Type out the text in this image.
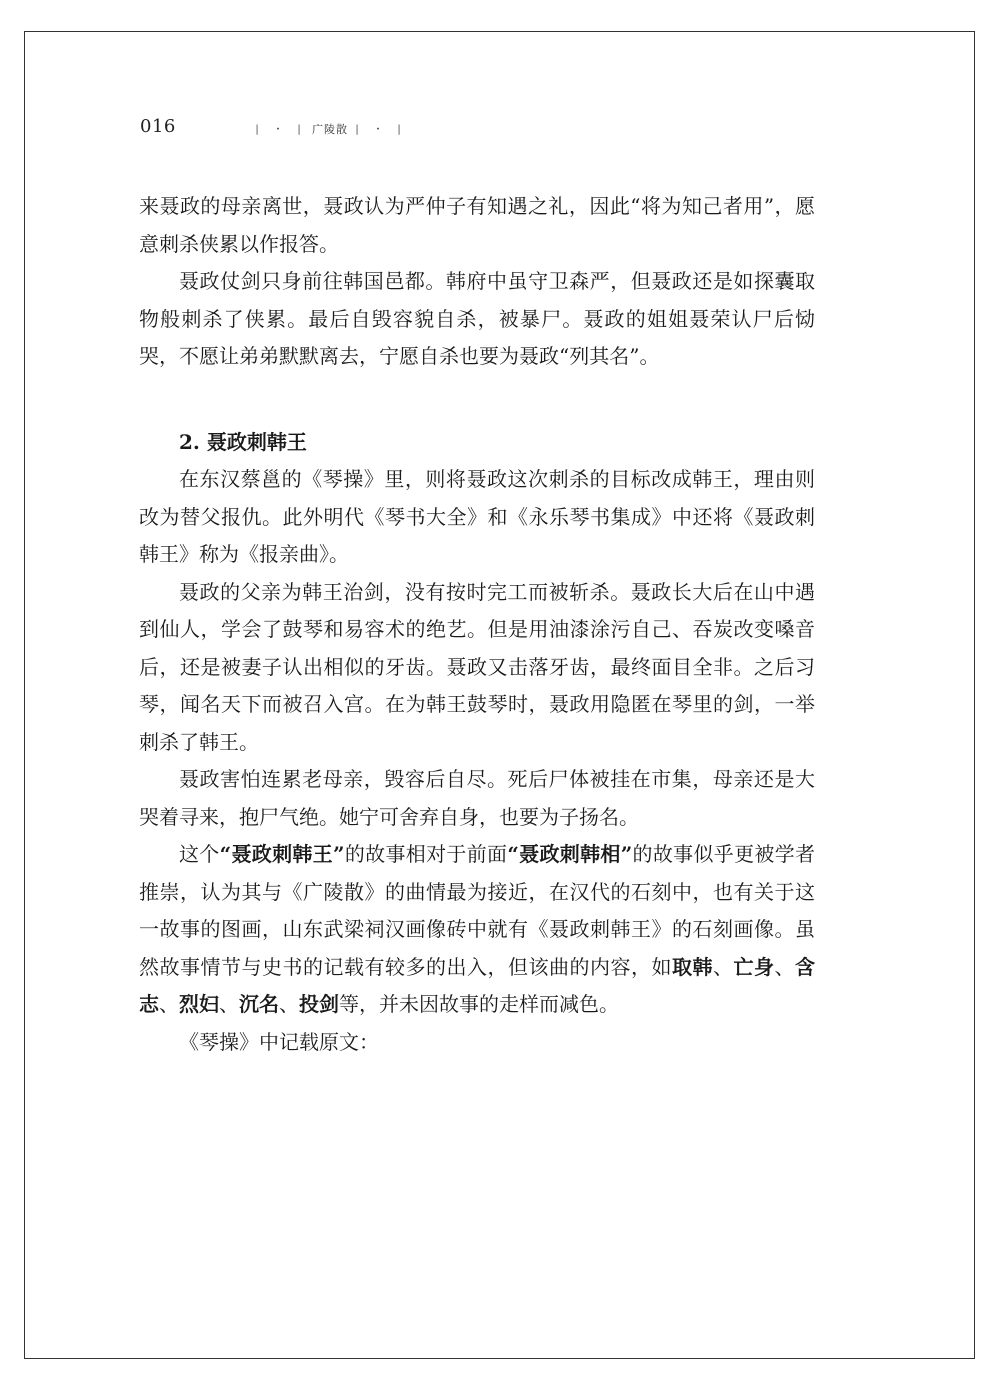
016	|	·	|	广陵散 |	·	|

来聂政的母亲离世，聂政认为严仲子有知遇之礼，因此“将为知己者用”，愿意刺杀侠累以作报答。

聂政仗剑只身前往韩国邑都。韩府中虽守卫森严，但聂政还是如探囊取物般刺杀了侠累。最后自毁容貌自杀，被暴尸。聂政的姐姐聂荣认尸后恸哭，不愿让弟弟默默离去，宁愿自杀也要为聂政“列其名”。

2. 聂政刺韩王

在东汉蔡邕的《琴操》里，则将聂政这次刺杀的目标改成韩王，理由则改为替父报仇。此外明代《琴书大全》和《永乐琴书集成》中还将《聂政刺韩王》称为《报亲曲》。

聂政的父亲为韩王治剑，没有按时完工而被斩杀。聂政长大后在山中遇到仙人，学会了鼓琴和易容术的绝艺。但是用油漆涂污自己、吞炭改变嗓音后，还是被妻子认出相似的牙齿。聂政又击落牙齿，最终面目全非。之后习琴，闻名天下而被召入宫。在为韩王鼓琴时，聂政用隐匿在琴里的剑，一举刺杀了韩王。

聂政害怕连累老母亲，毁容后自尽。死后尸体被挂在市集，母亲还是大哭着寻来，抱尸气绝。她宁可舍弃自身，也要为子扬名。

这个“聂政刺韩王”的故事相对于前面“聂政刺韩相”的故事似乎更被学者推崇，认为其与《广陵散》的曲情最为接近，在汉代的石刻中，也有关于这一故事的图画，山东武梁祠汉画像砖中就有《聂政刺韩王》的石刻画像。虽然故事情节与史书的记载有较多的出入，但该曲的内容，如取韩、亡身、含志、烈妇、沉名、投剑等，并未因故事的走样而减色。

《琴操》中记载原文：
